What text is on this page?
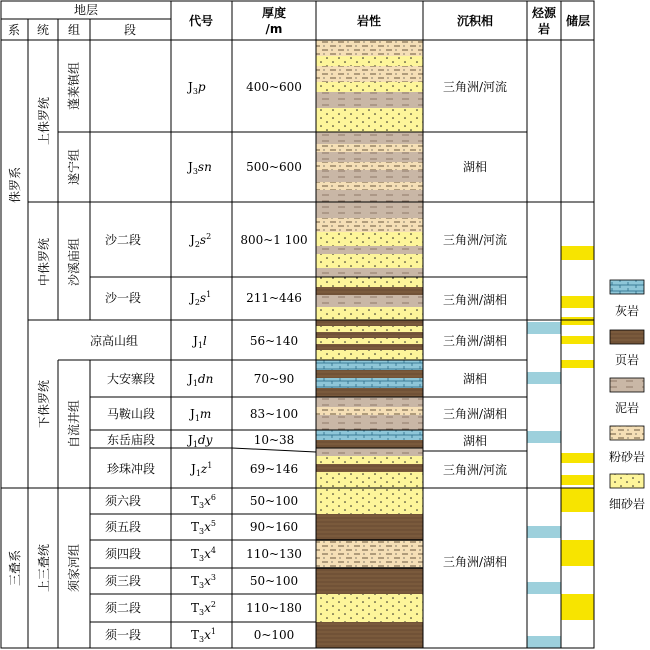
地层
系 统 组	段
代号
厚度
/m
岩性	沉积相
烃源
岩
储层
侏罗系
三叠系
上侏罗统
中侏罗统
下侏罗统
上三叠统
蓬莱镇组
遂宁组
沙溪庙组
自流井组
须家河组
沙二段
沙一段
凉高山组
大安寨段
马鞍山段
东岳庙段
珍珠冲段
须六段
须五段
须四段
须三段
须二段
须一段
$J_3p$
$J_3sn$
$J_2s^2$
$J_2s^1$
$J_1l$
$J_1dn$
$J_1m$
$J_1dy$
$J_1z^1$
$T_3x^6$
$T_3x^5$
$T_3x^4$
$T_3x^3$
$T_3x^2$
$T_3x^1$
400~600
500~600
800~1 100
211~446
56~140
70~90
83~100
10~38
69~146
50~100
90~160
110~130
50~100
110~180
0~100
三角洲/河流
湖相
三角洲/河流
三角洲/湖相
三角洲/湖相
湖相
三角洲/湖相
湖相
三角洲/河流
三角洲/湖相
灰岩
页岩
泥岩
粉砂岩
细砂岩
